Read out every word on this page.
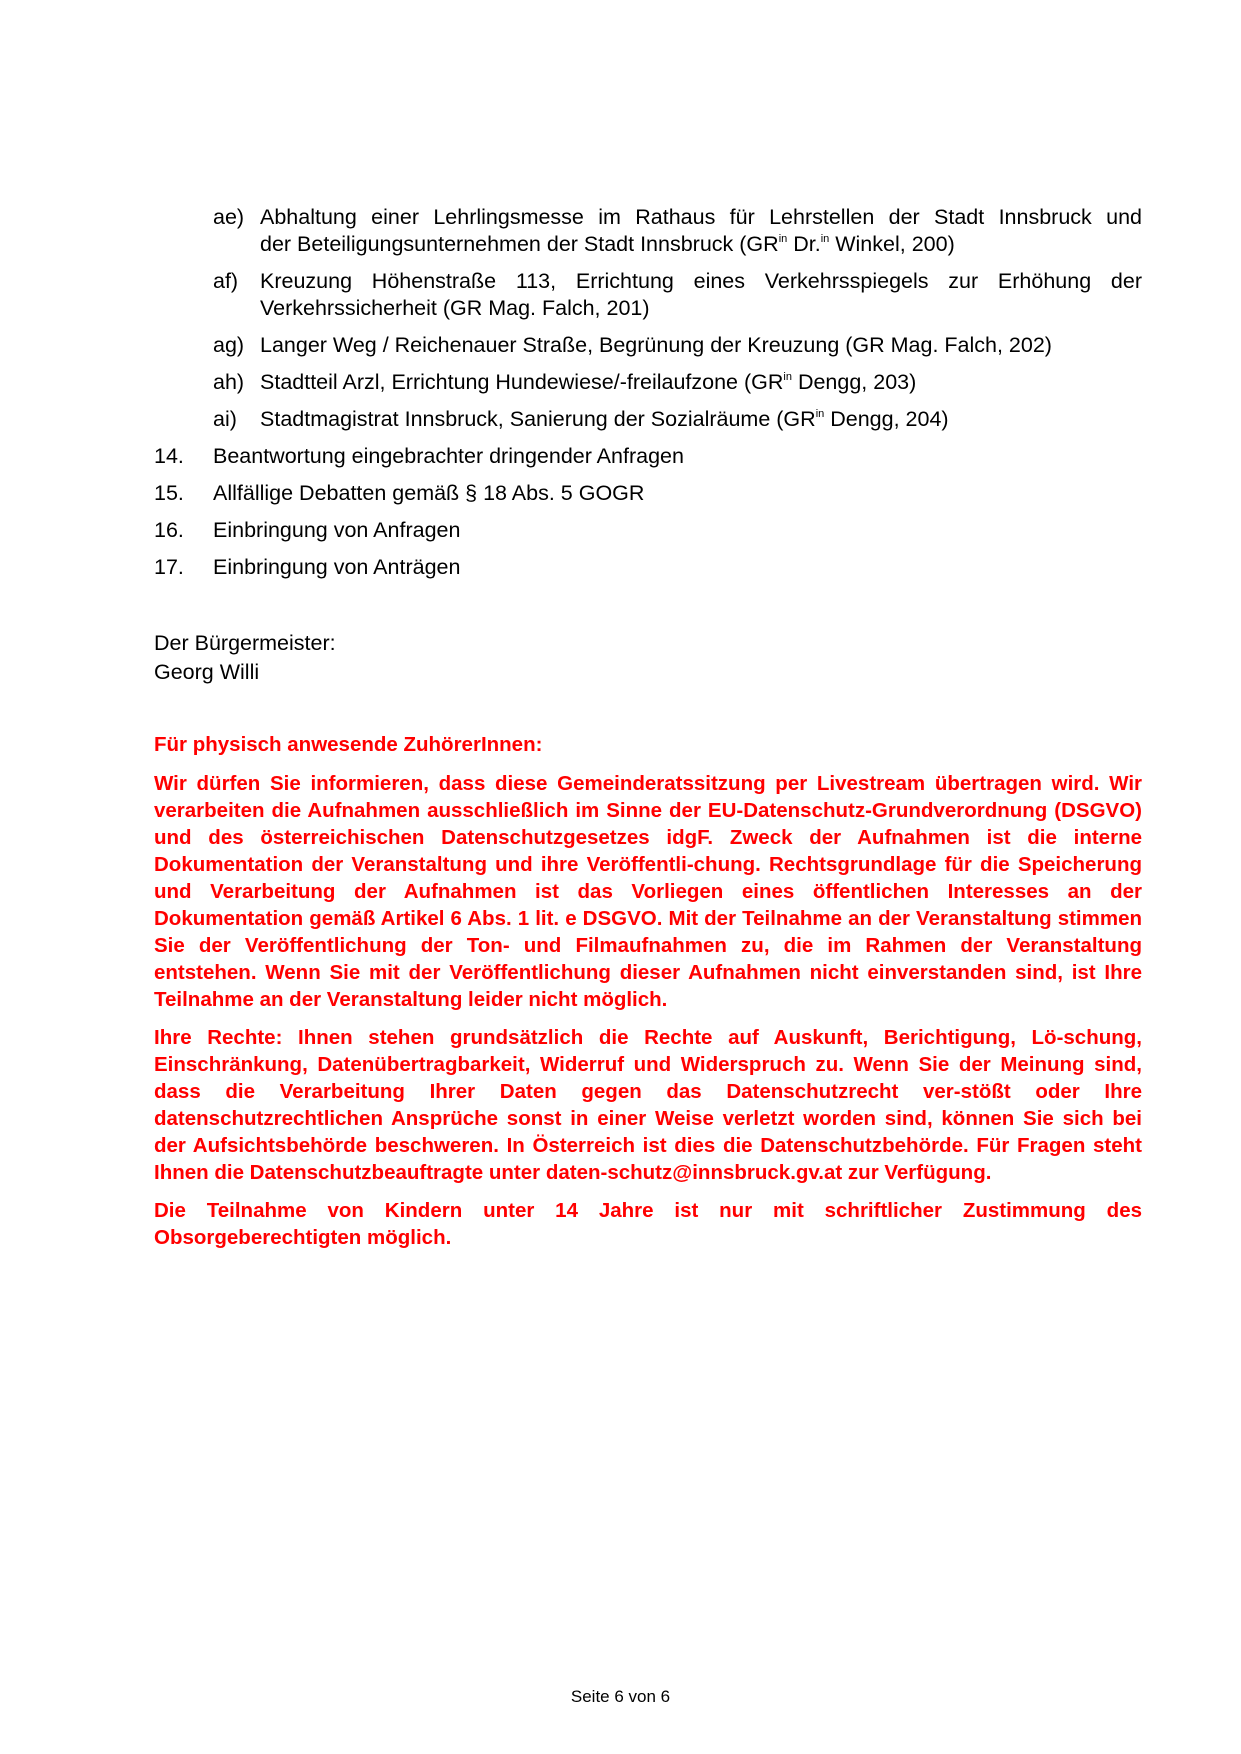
ae) Abhaltung einer Lehrlingsmesse im Rathaus für Lehrstellen der Stadt Innsbruck und
der Beteiligungsunternehmen der Stadt Innsbruck ($GR^{in}$ Dr.$^{in}$ Winkel, 200)
af)	Kreuzung Höhenstraße 113, Errichtung eines Verkehrsspiegels zur Erhöhung der
Verkehrssicherheit (GR Mag. Falch, 201)
ag) Langer Weg / Reichenauer Straße, Begrünung der Kreuzung (GR Mag. Falch, 202)
ah) Stadtteil Arzl, Errichtung Hundewiese/-freilaufzone ($GR^{in}$ Dengg, 203)
ai)	Stadtmagistrat Innsbruck, Sanierung der Sozialräume ($GR^{in}$ Dengg, 204)
14.	Beantwortung eingebrachter dringender Anfragen
15.	Allfällige Debatten gemäß § 18 Abs. 5 GOGR
16.	Einbringung von Anfragen
17.	Einbringung von Anträgen
Der Bürgermeister:
Georg Willi
Für physisch anwesende ZuhörerInnen:

Wir dürfen Sie informieren, dass diese Gemeinderatssitzung per Livestream übertragen wird. Wir verarbeiten die Aufnahmen ausschließlich im Sinne der EU-Datenschutz-Grundverordnung (DSGVO) und des österreichischen Datenschutzgesetzes idgF. Zweck der Aufnahmen ist die interne Dokumentation der Veranstaltung und ihre Veröffentli-chung. Rechtsgrundlage für die Speicherung und Verarbeitung der Aufnahmen ist das Vorliegen eines öffentlichen Interesses an der Dokumentation gemäß Artikel 6 Abs. 1 lit. e DSGVO. Mit der Teilnahme an der Veranstaltung stimmen Sie der Veröffentlichung der Ton- und Filmaufnahmen zu, die im Rahmen der Veranstaltung entstehen. Wenn Sie mit der Veröffentlichung dieser Aufnahmen nicht einverstanden sind, ist Ihre Teilnahme an der Veranstaltung leider nicht möglich.

Ihre Rechte: Ihnen stehen grundsätzlich die Rechte auf Auskunft, Berichtigung, Lö-schung, Einschränkung, Datenübertragbarkeit, Widerruf und Widerspruch zu. Wenn Sie der Meinung sind, dass die Verarbeitung Ihrer Daten gegen das Datenschutzrecht ver-stößt oder Ihre datenschutzrechtlichen Ansprüche sonst in einer Weise verletzt worden sind, können Sie sich bei der Aufsichtsbehörde beschweren. In Österreich ist dies die Datenschutzbehörde. Für Fragen steht Ihnen die Datenschutzbeauftragte unter daten-schutz@innsbruck.gv.at zur Verfügung.

Die Teilnahme von Kindern unter 14 Jahre ist nur mit schriftlicher Zustimmung des Obsorgeberechtigten möglich.

Seite 6 von 6
